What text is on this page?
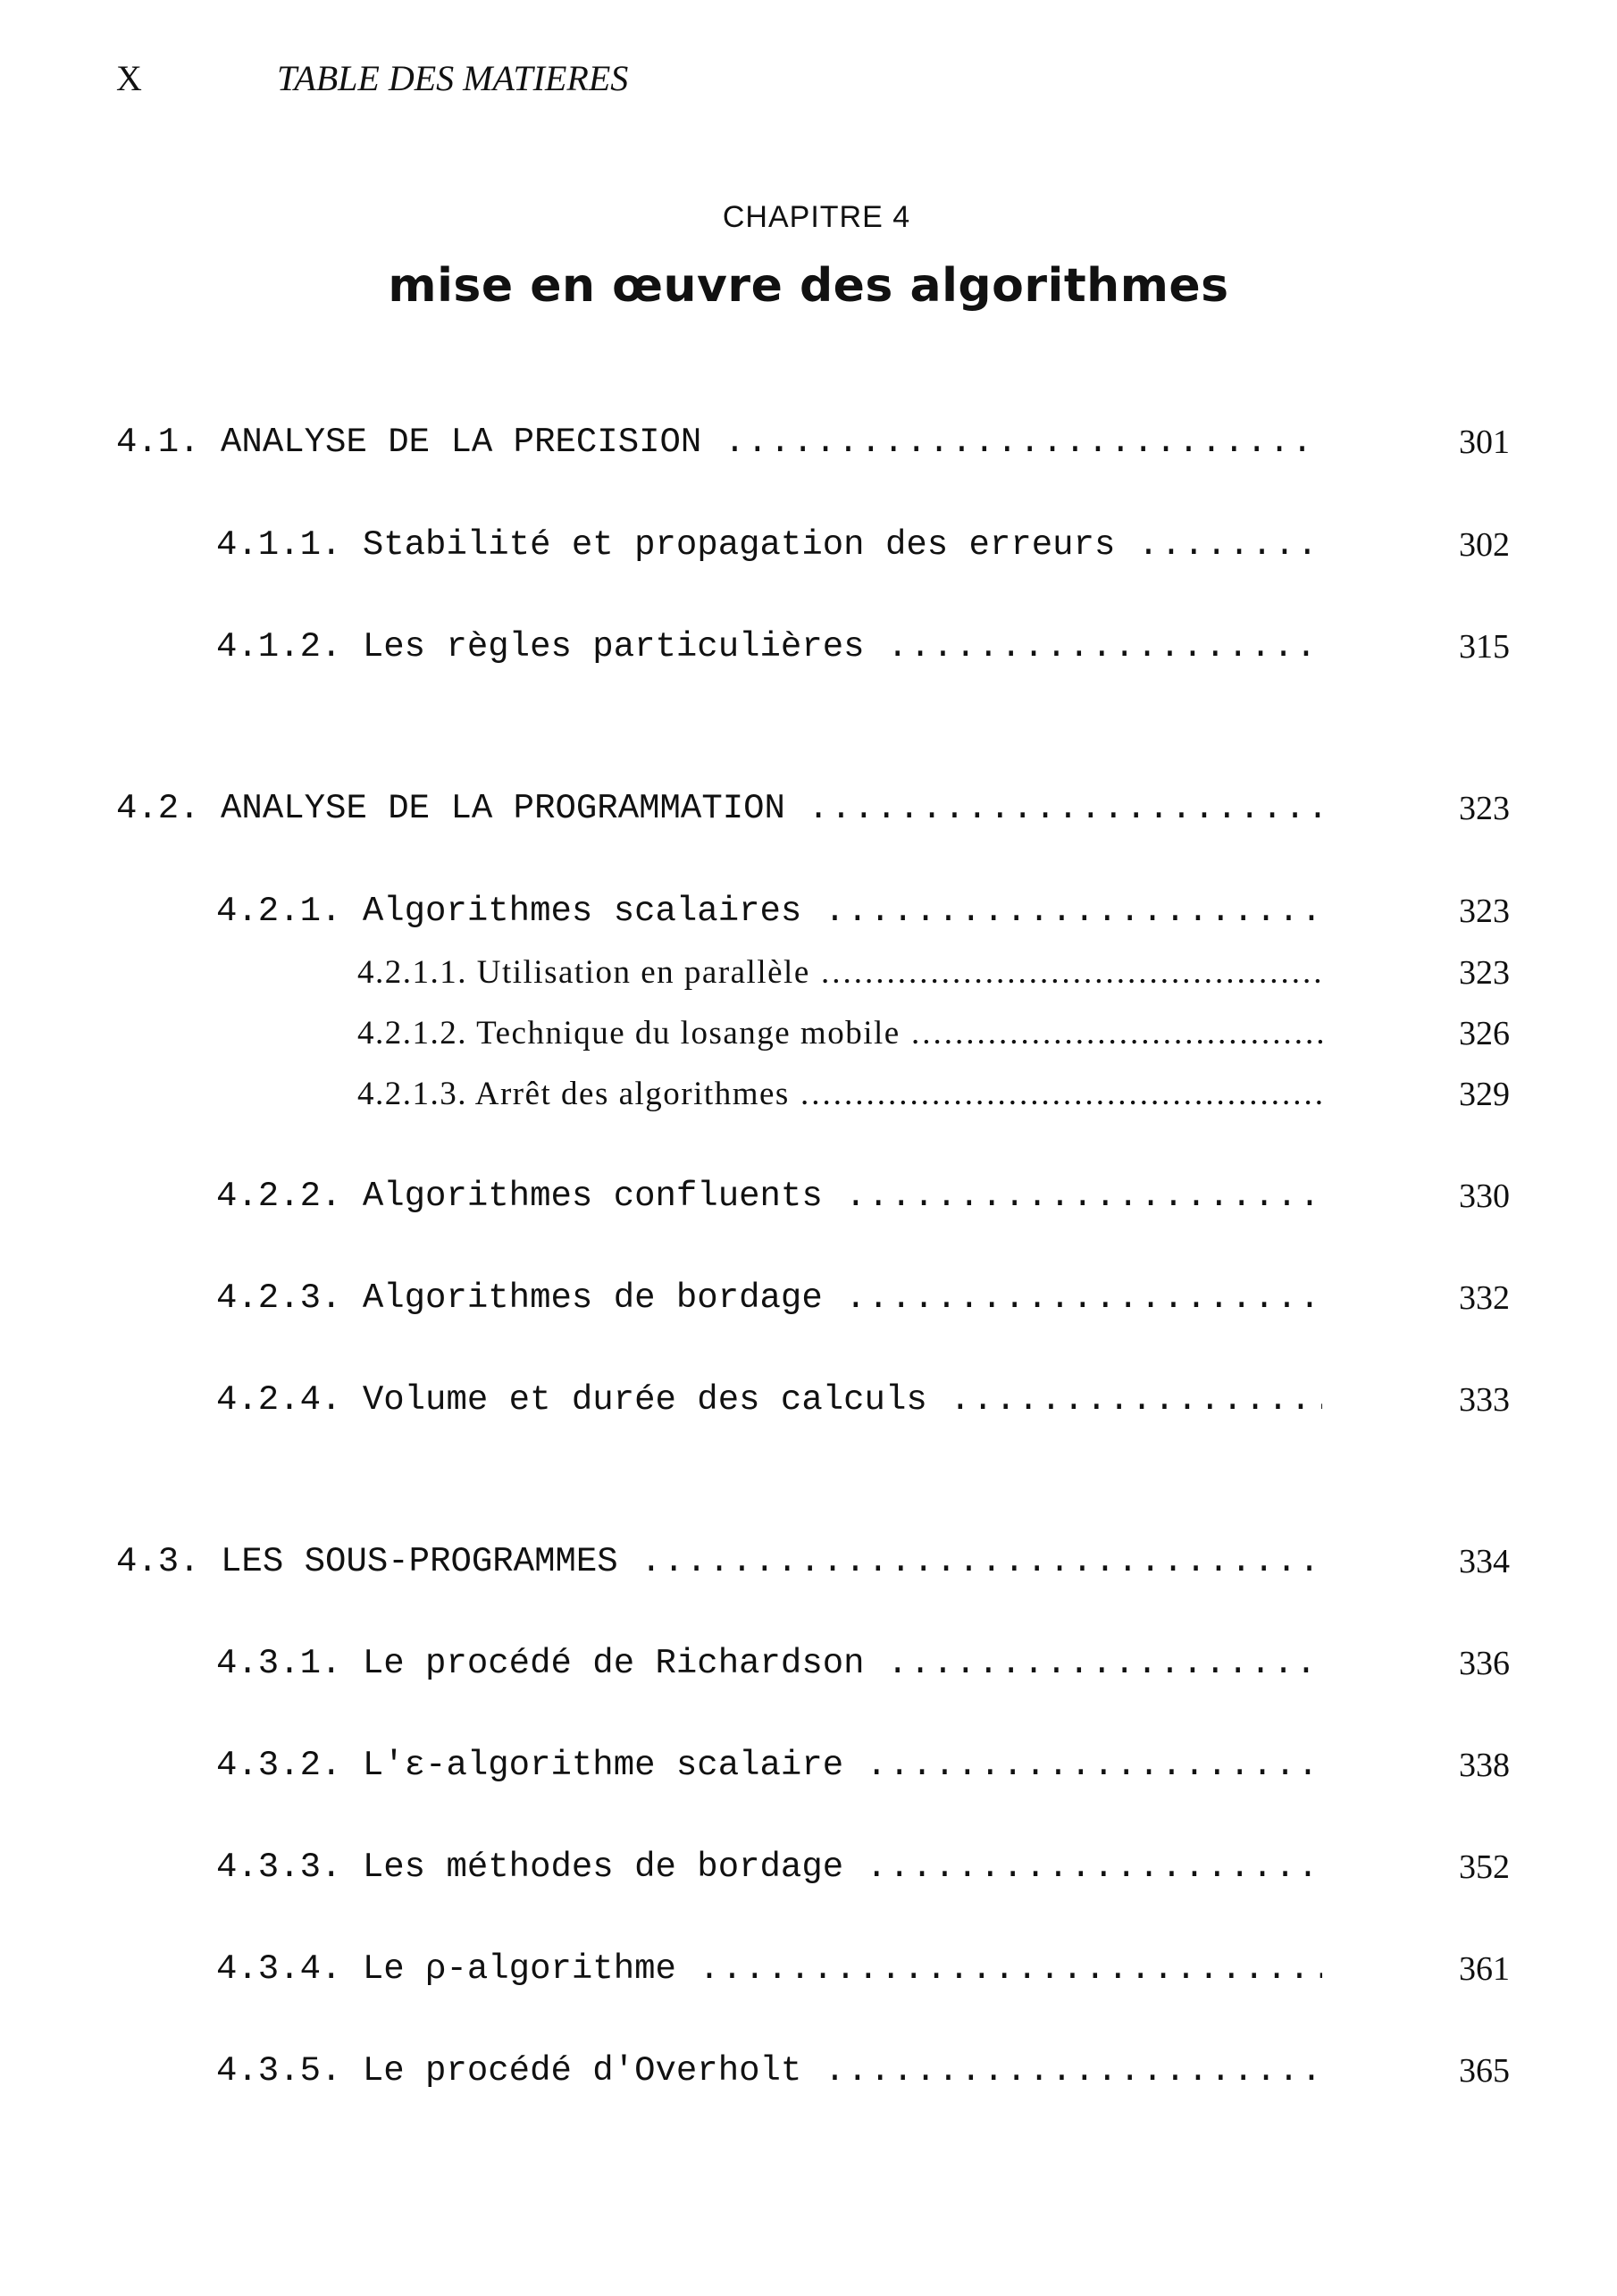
X	TABLE DES MATIERES
CHAPITRE 4
mise en œuvre des algorithmes
4.1. ANALYSE DE LA PRECISION .....	301
4.1.1. Stabilité et propagation des erreurs .....	302
4.1.2. Les règles particulières .....	315
4.2. ANALYSE DE LA PROGRAMMATION .....	323
4.2.1. Algorithmes scalaires .....	323
4.2.1.1. Utilisation en parallèle .....	323
4.2.1.2. Technique du losange mobile .....	326
4.2.1.3. Arrêt des algorithmes .....	329
4.2.2. Algorithmes confluents .....	330
4.2.3. Algorithmes de bordage .....	332
4.2.4. Volume et durée des calculs .....	333
4.3. LES SOUS-PROGRAMMES .....	334
4.3.1. Le procédé de Richardson .....	336
4.3.2. L'ε-algorithme scalaire .....	338
4.3.3. Les méthodes de bordage .....	352
4.3.4. Le ρ-algorithme .....	361
4.3.5. Le procédé d'Overholt .....	365
